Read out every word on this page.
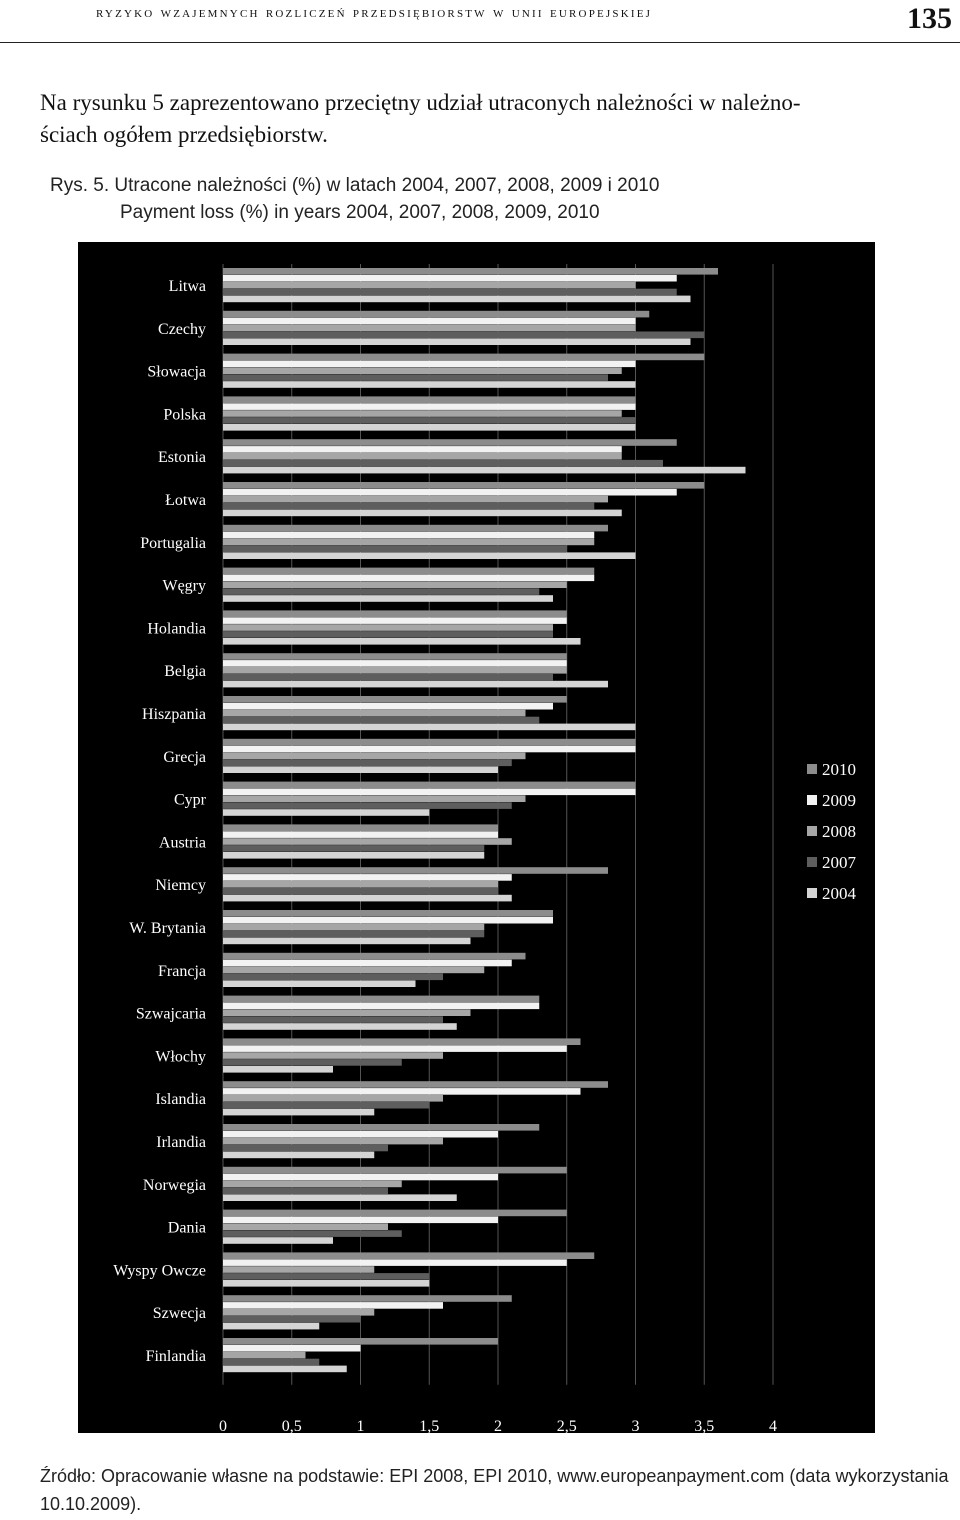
ryzyko wzajemnych rozliczeń przedsiębiorstw w unii europejskiej	135
Na rysunku 5 zaprezentowano przeciętny udział utraconych należności w należno-
ściach ogółem przedsiębiorstw.
Rys. 5. Utracone należności (%) w latach 2004, 2007, 2008, 2009 i 2010
Payment loss (%) in years 2004, 2007, 2008, 2009, 2010
Litwa
Czechy
Słowacja
Polska
Estonia
Łotwa
Portugalia
Węgry
Holandia
Belgia
Hiszpania
Grecja
Cypr
Austria
Niemcy
W. Brytania
Francja
Szwajcaria
Włochy
Islandia
Irlandia
Norwegia
Dania
Wyspy Owcze
Szwecja
Finlandia
0	0,5	1	1,5	2	2,5	3	3,5	4
2010
2009
2008
2007
2004
Źródło: Opracowanie własne na podstawie: EPI 2008, EPI 2010, www.europeanpayment.com (data wykorzystania 10.10.2009).
